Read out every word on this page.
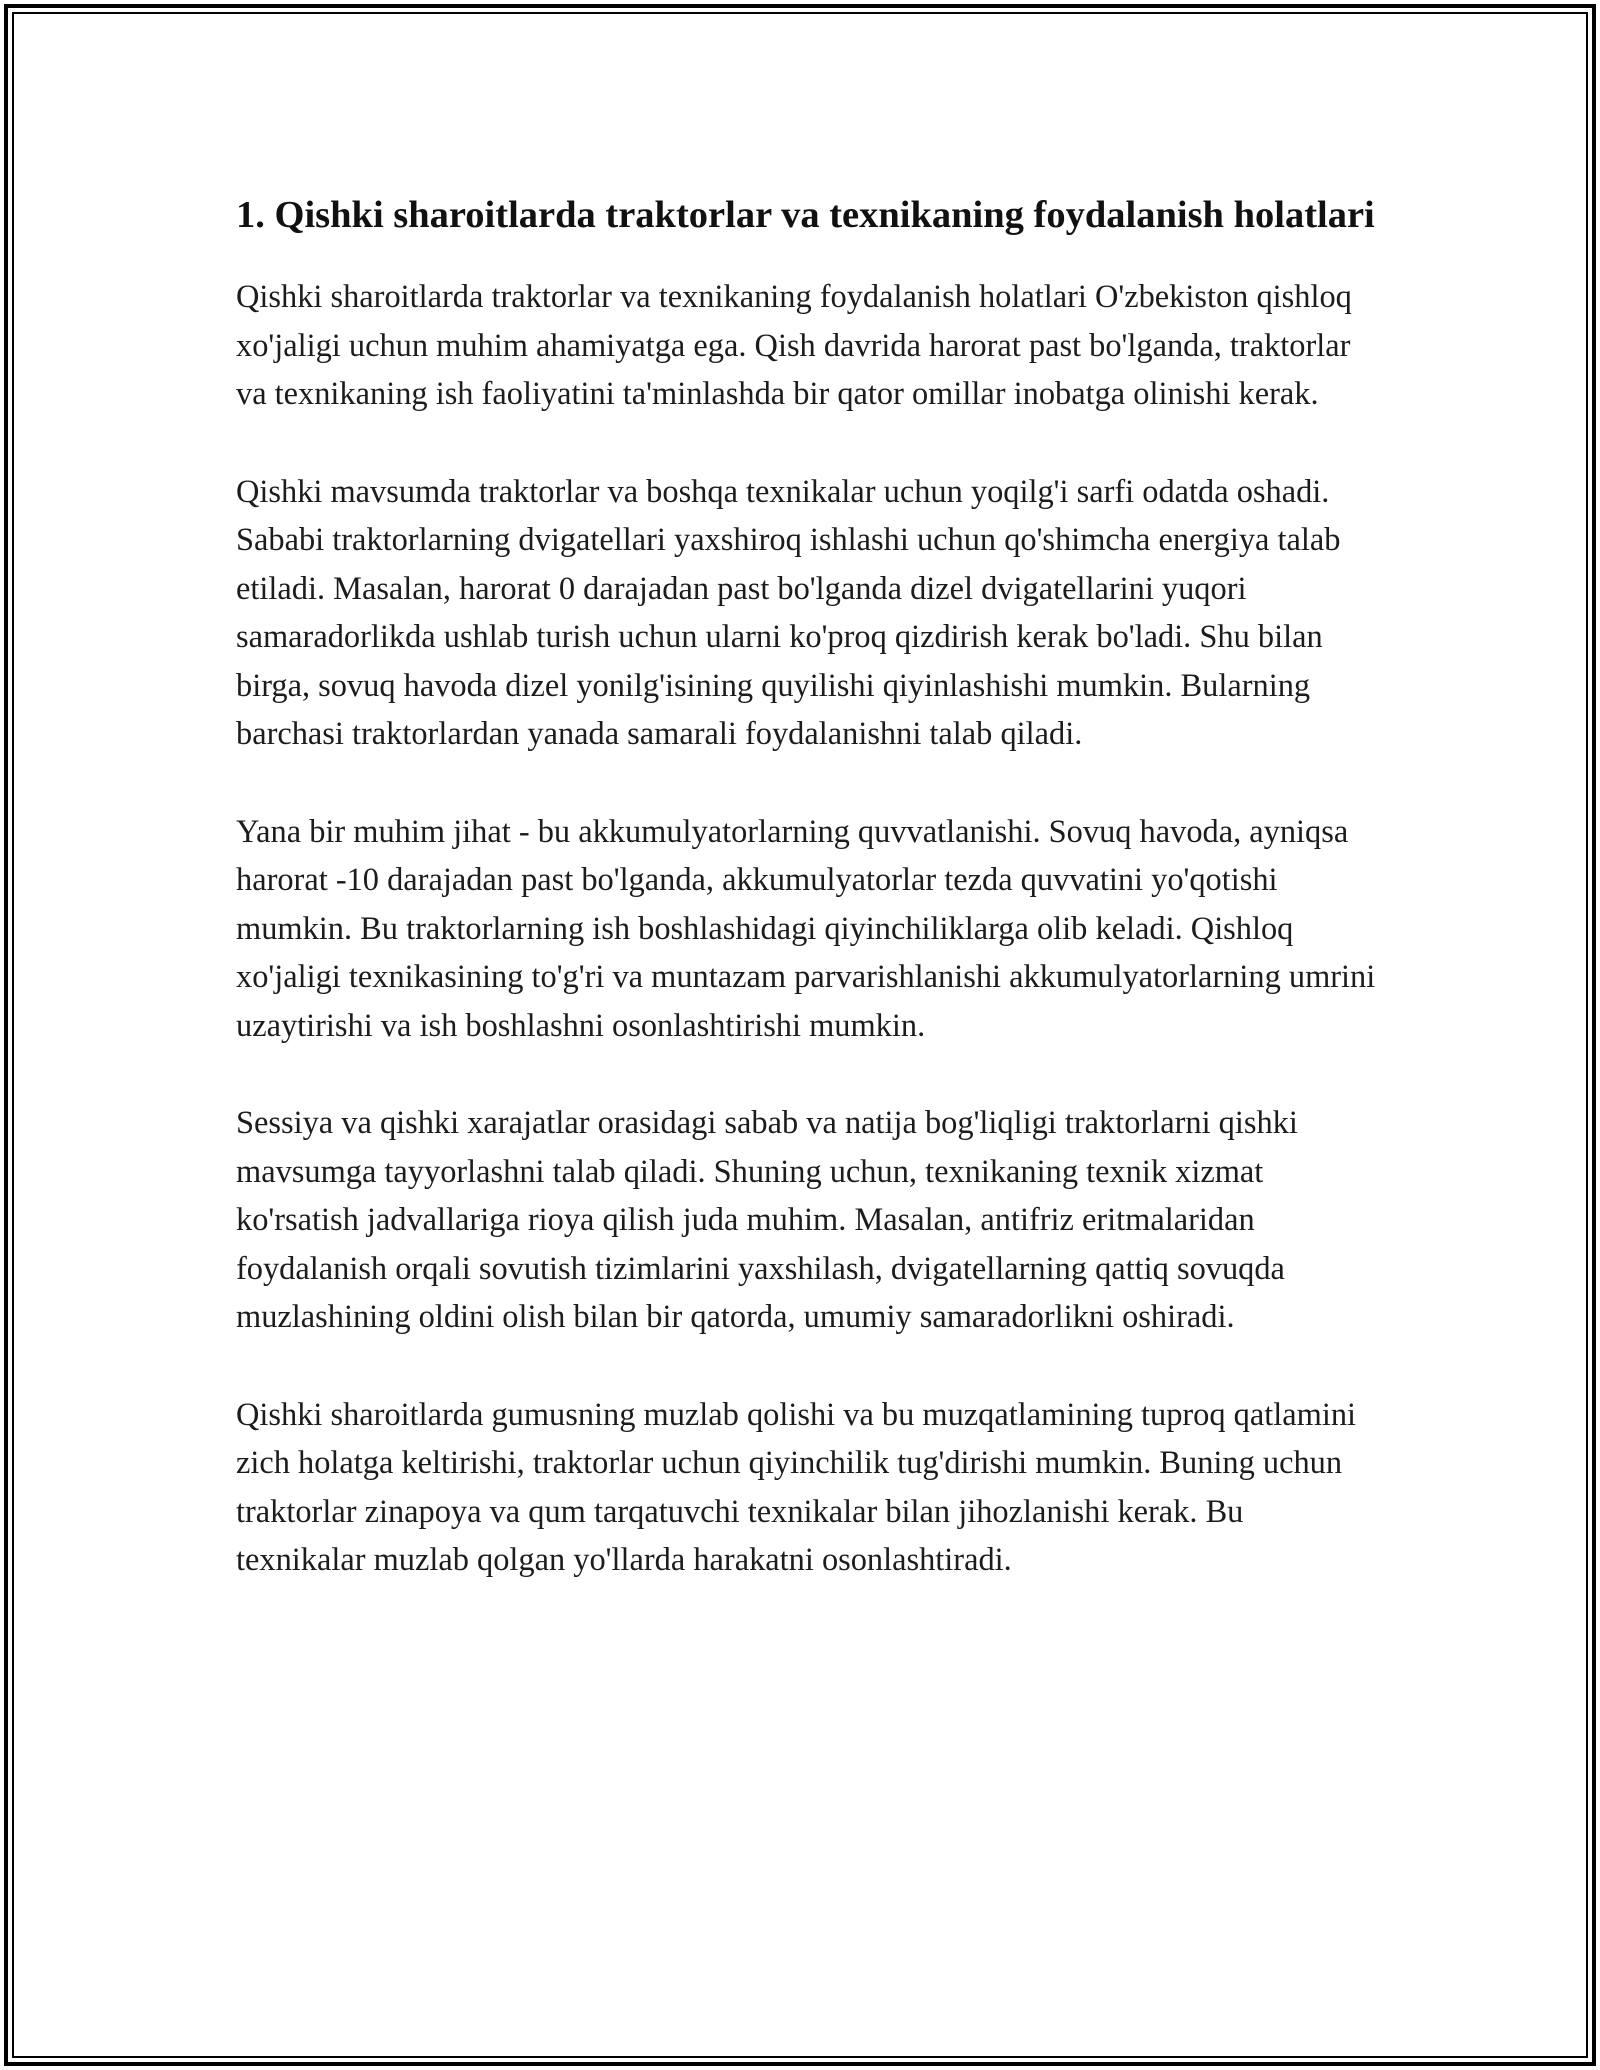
1. Qishki sharoitlarda traktorlar va texnikaning foydalanish holatlari

Qishki sharoitlarda traktorlar va texnikaning foydalanish holatlari O'zbekiston qishloq xo'jaligi uchun muhim ahamiyatga ega. Qish davrida harorat past bo'lganda, traktorlar va texnikaning ish faoliyatini ta'minlashda bir qator omillar inobatga olinishi kerak.

Qishki mavsumda traktorlar va boshqa texnikalar uchun yoqilg'i sarfi odatda oshadi. Sababi traktorlarning dvigatellari yaxshiroq ishlashi uchun qo'shimcha energiya talab etiladi. Masalan, harorat 0 darajadan past bo'lganda dizel dvigatellarini yuqori samaradorlikda ushlab turish uchun ularni ko'proq qizdirish kerak bo'ladi. Shu bilan birga, sovuq havoda dizel yonilg'isining quyilishi qiyinlashishi mumkin. Bularning barchasi traktorlardan yanada samarali foydalanishni talab qiladi.

Yana bir muhim jihat - bu akkumulyatorlarning quvvatlanishi. Sovuq havoda, ayniqsa harorat -10 darajadan past bo'lganda, akkumulyatorlar tezda quvvatini yo'qotishi mumkin. Bu traktorlarning ish boshlashidagi qiyinchiliklarga olib keladi. Qishloq xo'jaligi texnikasining to'g'ri va muntazam parvarishlanishi akkumulyatorlarning umrini uzaytirishi va ish boshlashni osonlashtirishi mumkin.

Sessiya va qishki xarajatlar orasidagi sabab va natija bog'liqligi traktorlarni qishki mavsumga tayyorlashni talab qiladi. Shuning uchun, texnikaning texnik xizmat ko'rsatish jadvallariga rioya qilish juda muhim. Masalan, antifriz eritmalaridan foydalanish orqali sovutish tizimlarini yaxshilash, dvigatellarning qattiq sovuqda muzlashining oldini olish bilan bir qatorda, umumiy samaradorlikni oshiradi.

Qishki sharoitlarda gumusning muzlab qolishi va bu muzqatlamining tuproq qatlamini zich holatga keltirishi, traktorlar uchun qiyinchilik tug'dirishi mumkin. Buning uchun traktorlar zinapoya va qum tarqatuvchi texnikalar bilan jihozlanishi kerak. Bu texnikalar muzlab qolgan yo'llarda harakatni osonlashtiradi.
